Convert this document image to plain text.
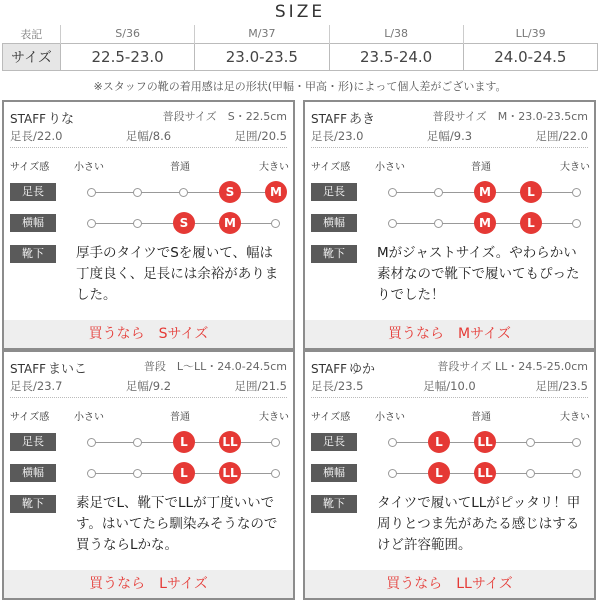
SIZE
表記	S/36	M/37	L/38	LL/39
サイズ	22.5-23.0	23.0-23.5	23.5-24.0	24.0-24.5
※スタッフの靴の着用感は足の形状(甲幅・甲高・形)によって個人差がございます。
STAFF りな	普段サイズ　S・22.5cm
足長/22.0	足幅/8.6	足囲/20.5
サイズ感 小さい	普通	大きい
足長	S	M
横幅	S	M
靴下	厚手のタイツでSを履いて、幅は丁度良く、足長には余裕がありました。
買うなら　Sサイズ
STAFF あき	普段サイズ　M・23.0-23.5cm
足長/23.0	足幅/9.3	足囲/22.0
サイズ感 小さい	普通	大きい
足長	M	L
横幅	M	L
靴下	Mがジャストサイズ。やわらかい素材なので靴下で履いてもぴったりでした！
買うなら　Mサイズ
STAFF まいこ	普段　L〜LL・24.0-24.5cm
足長/23.7	足幅/9.2	足囲/21.5
サイズ感 小さい	普通	大きい
足長	L	LL
横幅	L	LL
靴下	素足でL、靴下でLLが丁度いいです。はいてたら馴染みそうなので買うならLかな。
買うなら　Lサイズ
STAFF ゆか	普段サイズ LL・24.5-25.0cm
足長/23.5	足幅/10.0	足囲/23.5
サイズ感 小さい	普通	大きい
足長	L	LL
横幅	L	LL
靴下	タイツで履いてLLがピッタリ！甲周りとつま先があたる感じはするけど許容範囲。
買うなら　LLサイズ
